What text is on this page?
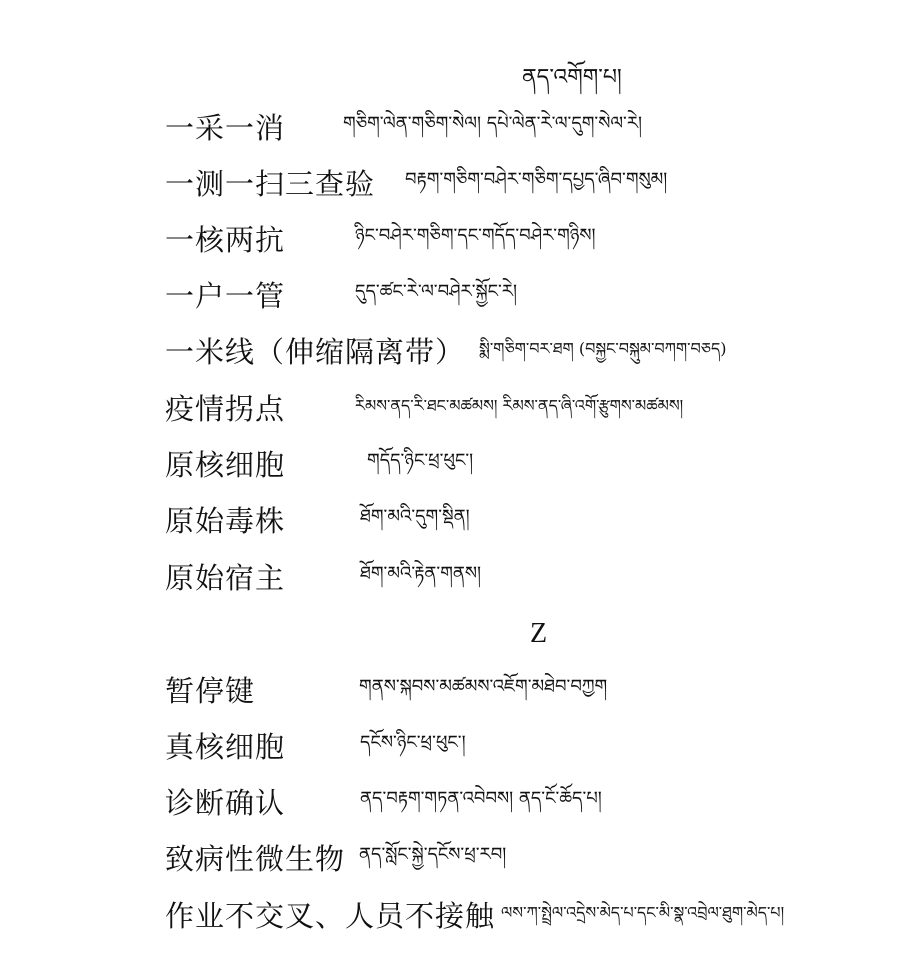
ནད་འགོག་པ།
一采一消	གཅིག་ལེན་གཅིག་སེལ། དཔེ་ལེན་རེ་ལ་དུག་སེལ་རེ།
一测一扫三查验 བརྟག་གཅིག་བཤེར་གཅིག་དཔྱད་ཞིབ་གསུམ།
一核两抗	ཉིང་བཤེར་གཅིག་དང་གདོད་བཤེར་གཉིས།
一户一管	དུད་ཚང་རེ་ལ་བཤེར་སྐྱོང་རེ།
一米线（伸缩隔离带） སྨི་གཅིག་བར་ཐག (བསྐྱང་བསྐུམ་བཀག་བཅད)
疫情拐点	རིམས་ནད་རི་ཐང་མཚམས། རིམས་ནད་ཞི་འགོ་རྩུགས་མཚམས།
原核细胞	གདོད་ཉིང་ཕྲ་ཕུང་།
原始毒株	ཐོག་མའི་དུག་སྡིན།
原始宿主	ཐོག་མའི་རྟེན་གནས།
Z
暂停键	གནས་སྐབས་མཚམས་འཇོག་མཐེབ་བཀྱག
真核细胞	དངོས་ཉིང་ཕྲ་ཕུང་།
诊断确认	ནད་བརྟག་གཏན་འབེབས། ནད་ངོ་ཆོད་པ།
致病性微生物 ནད་སློང་སྐྱེ་དངོས་ཕྲ་རབ།
作业不交叉、人员不接触 ལས་ཀ་སྤྲེལ་འདྲེས་མེད་པ་དང་མི་སྣ་འབྲེལ་ཐུག་མེད་པ།
